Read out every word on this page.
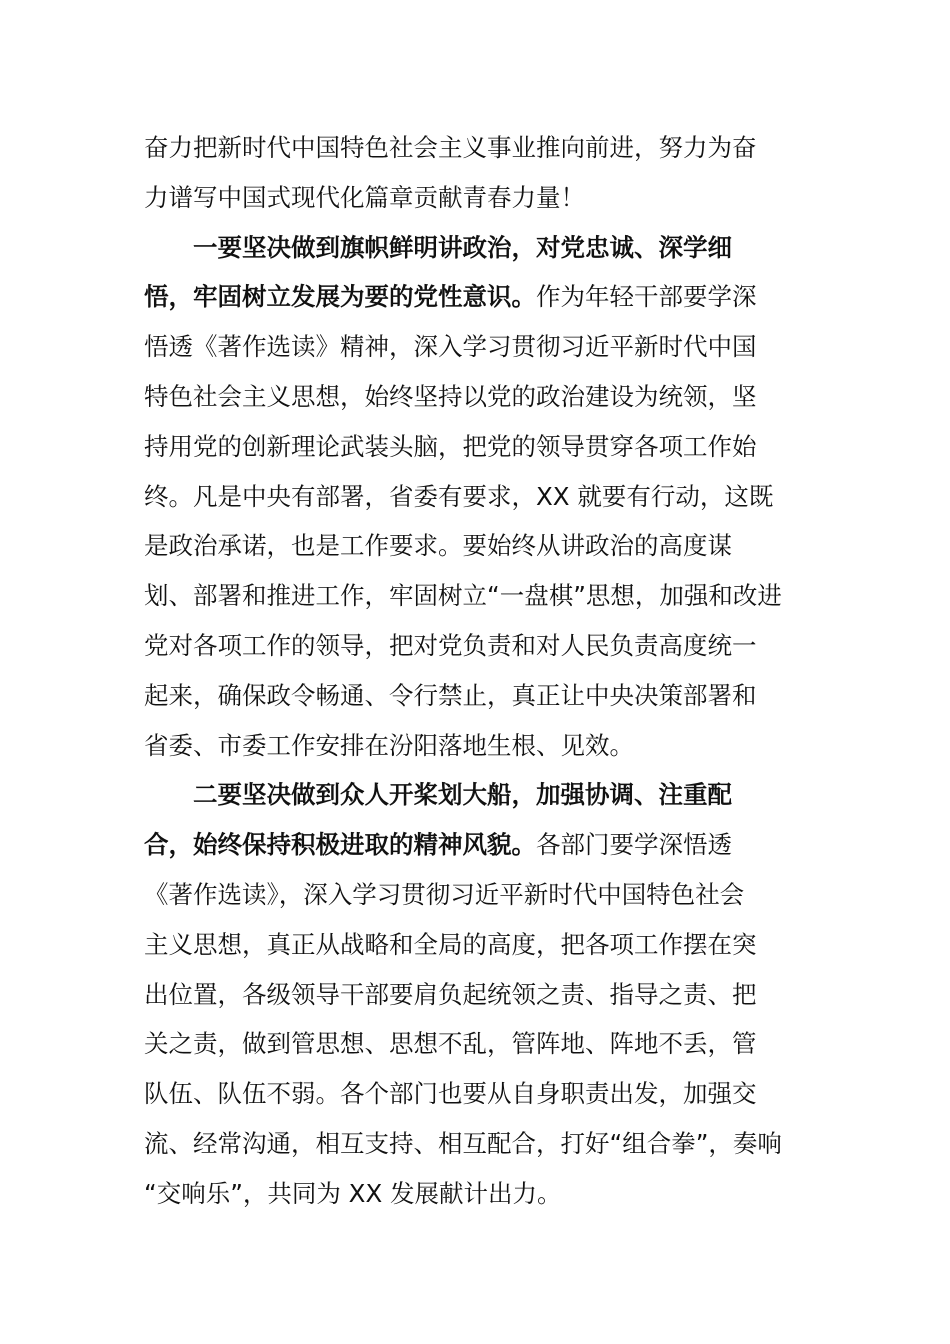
奋力把新时代中国特色社会主义事业推向前进，努力为奋
力谱写中国式现代化篇章贡献青春力量！
一要坚决做到旗帜鲜明讲政治，对党忠诚、深学细
悟，牢固树立发展为要的党性意识。作为年轻干部要学深
悟透《著作选读》精神，深入学习贯彻习近平新时代中国
特色社会主义思想，始终坚持以党的政治建设为统领，坚
持用党的创新理论武装头脑，把党的领导贯穿各项工作始
终。凡是中央有部署，省委有要求，XX 就要有行动，这既
是政治承诺，也是工作要求。要始终从讲政治的高度谋
划、部署和推进工作，牢固树立“一盘棋”思想，加强和改进
党对各项工作的领导，把对党负责和对人民负责高度统一
起来，确保政令畅通、令行禁止，真正让中央决策部署和
省委、市委工作安排在汾阳落地生根、见效。
二要坚决做到众人开桨划大船，加强协调、注重配
合，始终保持积极进取的精神风貌。各部门要学深悟透
《著作选读》，深入学习贯彻习近平新时代中国特色社会
主义思想，真正从战略和全局的高度，把各项工作摆在突
出位置，各级领导干部要肩负起统领之责、指导之责、把
关之责，做到管思想、思想不乱，管阵地、阵地不丢，管
队伍、队伍不弱。各个部门也要从自身职责出发，加强交
流、经常沟通，相互支持、相互配合，打好“组合拳”，奏响
“交响乐”，共同为 XX 发展献计出力。
